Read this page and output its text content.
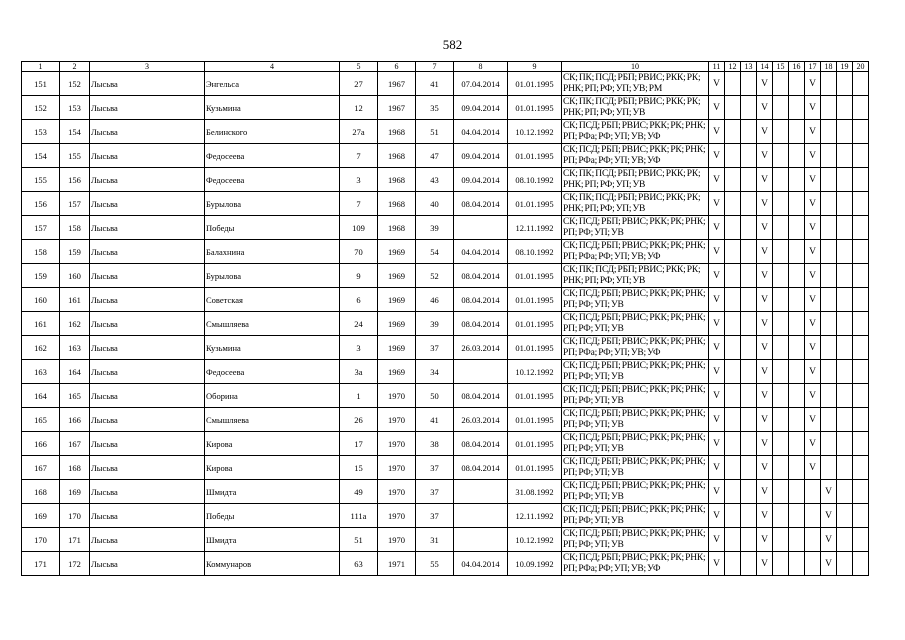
582
1	2	3	4	5	6	7	8	9	10	11	12	13	14	15	16	17	18	19	20
151	152	Лысьва	Энгельса	27	1967	41	07.04.2014	01.01.1995	СК; ПК; ПСД; РБП; РВИС; РКК; РК; РНК; РП; РФ; УП; УВ; РМ	V			V			V			
152	153	Лысьва	Кузьмина	12	1967	35	09.04.2014	01.01.1995	СК; ПК; ПСД; РБП; РВИС; РКК; РК; РНК; РП; РФ; УП; УВ	V			V			V			
153	154	Лысьва	Белинского	27а	1968	51	04.04.2014	10.12.1992	СК; ПСД; РБП; РВИС; РКК; РК; РНК; РП; РФа; РФ; УП; УВ; УФ	V			V			V			
154	155	Лысьва	Федосеева	7	1968	47	09.04.2014	01.01.1995	СК; ПСД; РБП; РВИС; РКК; РК; РНК; РП; РФа; РФ; УП; УВ; УФ	V			V			V			
155	156	Лысьва	Федосеева	3	1968	43	09.04.2014	08.10.1992	СК; ПК; ПСД; РБП; РВИС; РКК; РК; РНК; РП; РФ; УП; УВ	V			V			V			
156	157	Лысьва	Бурылова	7	1968	40	08.04.2014	01.01.1995	СК; ПК; ПСД; РБП; РВИС; РКК; РК; РНК; РП; РФ; УП; УВ	V			V			V			
157	158	Лысьва	Победы	109	1968	39		12.11.1992	СК; ПСД; РБП; РВИС; РКК; РК; РНК; РП; РФ; УП; УВ	V			V			V			
158	159	Лысьва	Балахнина	70	1969	54	04.04.2014	08.10.1992	СК; ПСД; РБП; РВИС; РКК; РК; РНК; РП; РФа; РФ; УП; УВ; УФ	V			V			V			
159	160	Лысьва	Бурылова	9	1969	52	08.04.2014	01.01.1995	СК; ПК; ПСД; РБП; РВИС; РКК; РК; РНК; РП; РФ; УП; УВ	V			V			V			
160	161	Лысьва	Советская	6	1969	46	08.04.2014	01.01.1995	СК; ПСД; РБП; РВИС; РКК; РК; РНК; РП; РФ; УП; УВ	V			V			V			
161	162	Лысьва	Смышляева	24	1969	39	08.04.2014	01.01.1995	СК; ПСД; РБП; РВИС; РКК; РК; РНК; РП; РФ; УП; УВ	V			V			V			
162	163	Лысьва	Кузьмина	3	1969	37	26.03.2014	01.01.1995	СК; ПСД; РБП; РВИС; РКК; РК; РНК; РП; РФа; РФ; УП; УВ; УФ	V			V			V			
163	164	Лысьва	Федосеева	3а	1969	34		10.12.1992	СК; ПСД; РБП; РВИС; РКК; РК; РНК; РП; РФ; УП; УВ	V			V			V			
164	165	Лысьва	Оборина	1	1970	50	08.04.2014	01.01.1995	СК; ПСД; РБП; РВИС; РКК; РК; РНК; РП; РФ; УП; УВ	V			V			V			
165	166	Лысьва	Смышляева	26	1970	41	26.03.2014	01.01.1995	СК; ПСД; РБП; РВИС; РКК; РК; РНК; РП; РФ; УП; УВ	V			V			V			
166	167	Лысьва	Кирова	17	1970	38	08.04.2014	01.01.1995	СК; ПСД; РБП; РВИС; РКК; РК; РНК; РП; РФ; УП; УВ	V			V			V			
167	168	Лысьва	Кирова	15	1970	37	08.04.2014	01.01.1995	СК; ПСД; РБП; РВИС; РКК; РК; РНК; РП; РФ; УП; УВ	V			V			V			
168	169	Лысьва	Шмидта	49	1970	37		31.08.1992	СК; ПСД; РБП; РВИС; РКК; РК; РНК; РП; РФ; УП; УВ	V			V				V		
169	170	Лысьва	Победы	111а	1970	37		12.11.1992	СК; ПСД; РБП; РВИС; РКК; РК; РНК; РП; РФ; УП; УВ	V			V				V		
170	171	Лысьва	Шмидта	51	1970	31		10.12.1992	СК; ПСД; РБП; РВИС; РКК; РК; РНК; РП; РФ; УП; УВ	V			V				V		
171	172	Лысьва	Коммунаров	63	1971	55	04.04.2014	10.09.1992	СК; ПСД; РБП; РВИС; РКК; РК; РНК; РП; РФа; РФ; УП; УВ; УФ	V			V				V		
